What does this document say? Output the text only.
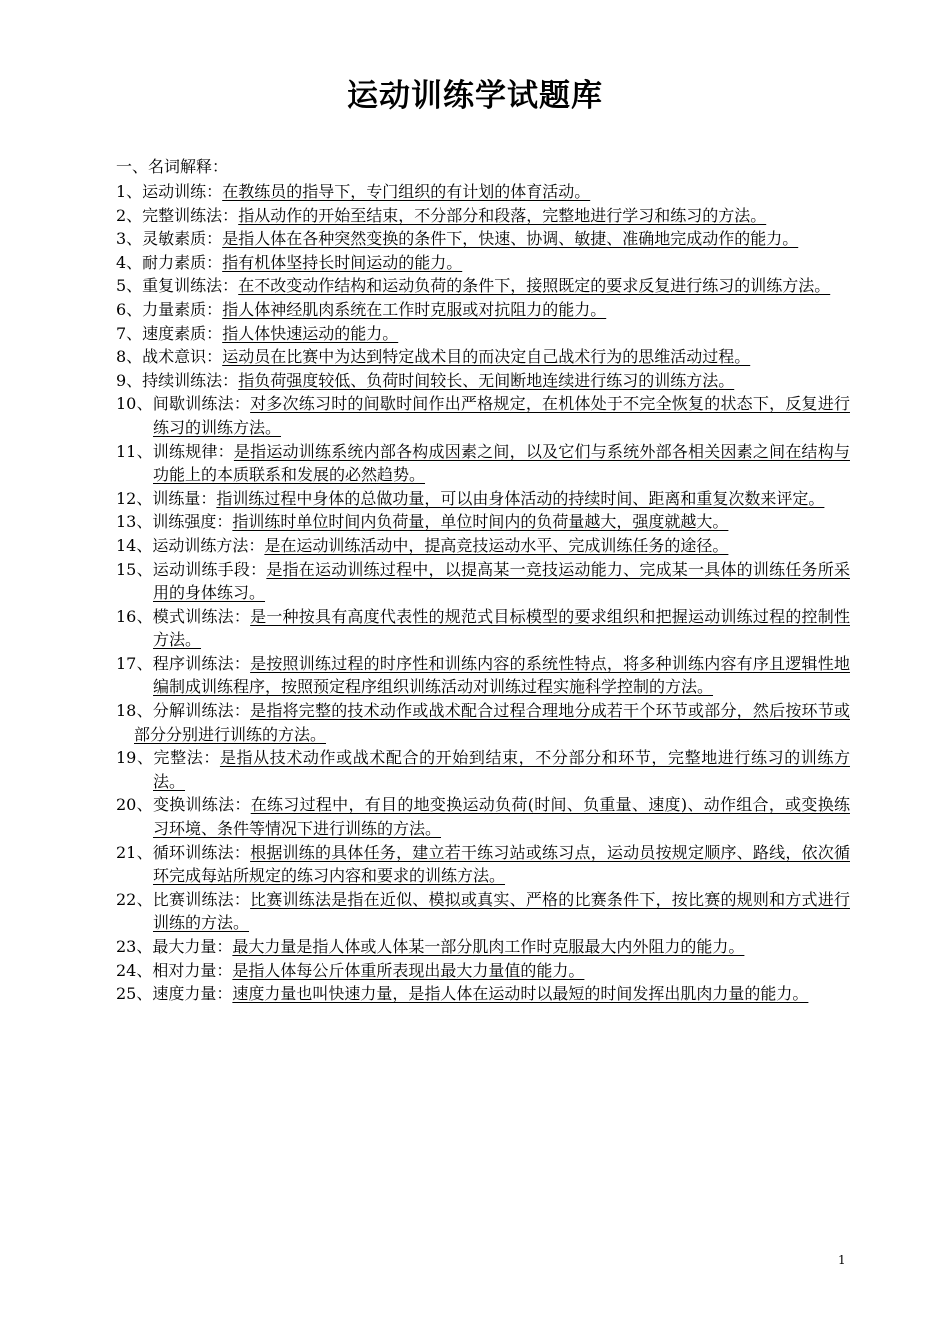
运动训练学试题库
一、名词解释：
1、运动训练：在教练员的指导下，专门组织的有计划的体育活动。
2、完整训练法：指从动作的开始至结束，不分部分和段落，完整地进行学习和练习的方法。
3、灵敏素质：是指人体在各种突然变换的条件下，快速、协调、敏捷、准确地完成动作的能力。
4、耐力素质：指有机体坚持长时间运动的能力。
5、重复训练法：在不改变动作结构和运动负荷的条件下，接照既定的要求反复进行练习的训练方法。
6、力量素质：指人体神经肌肉系统在工作时克服或对抗阻力的能力。
7、速度素质：指人体快速运动的能力。
8、战术意识：运动员在比赛中为达到特定战术目的而决定自己战术行为的思维活动过程。
9、持续训练法：指负荷强度较低、负荷时间较长、无间断地连续进行练习的训练方法。
10、间歇训练法：对多次练习时的间歇时间作出严格规定，在机体处于不完全恢复的状态下，反复进行练习的训练方法。
11、训练规律：是指运动训练系统内部各构成因素之间，以及它们与系统外部各相关因素之间在结构与功能上的本质联系和发展的必然趋势。
12、训练量：指训练过程中身体的总做功量，可以由身体活动的持续时间、距离和重复次数来评定。
13、训练强度：指训练时单位时间内负荷量，单位时间内的负荷量越大，强度就越大。
14、运动训练方法：是在运动训练活动中，提高竞技运动水平、完成训练任务的途径。
15、运动训练手段：是指在运动训练过程中，以提高某一竞技运动能力、完成某一具体的训练任务所采用的身体练习。
16、模式训练法：是一种按具有高度代表性的规范式目标模型的要求组织和把握运动训练过程的控制性方法。
17、程序训练法：是按照训练过程的时序性和训练内容的系统性特点，将多种训练内容有序且逻辑性地编制成训练程序，按照预定程序组织训练活动对训练过程实施科学控制的方法。
18、分解训练法：是指将完整的技术动作或战术配合过程合理地分成若干个环节或部分，然后按环节或部分分别进行训练的方法。
19、完整法：是指从技术动作或战术配合的开始到结束，不分部分和环节，完整地进行练习的训练方法。
20、变换训练法：在练习过程中，有目的地变换运动负荷(时间、负重量、速度)、动作组合，或变换练习环境、条件等情况下进行训练的方法。
21、循环训练法：根据训练的具体任务，建立若干练习站或练习点，运动员按规定顺序、路线，依次循环完成每站所规定的练习内容和要求的训练方法。
22、比赛训练法：比赛训练法是指在近似、模拟或真实、严格的比赛条件下，按比赛的规则和方式进行训练的方法。
23、最大力量：最大力量是指人体或人体某一部分肌肉工作时克服最大内外阻力的能力。
24、相对力量：是指人体每公斤体重所表现出最大力量值的能力。
25、速度力量：速度力量也叫快速力量，是指人体在运动时以最短的时间发挥出肌肉力量的能力。
1
